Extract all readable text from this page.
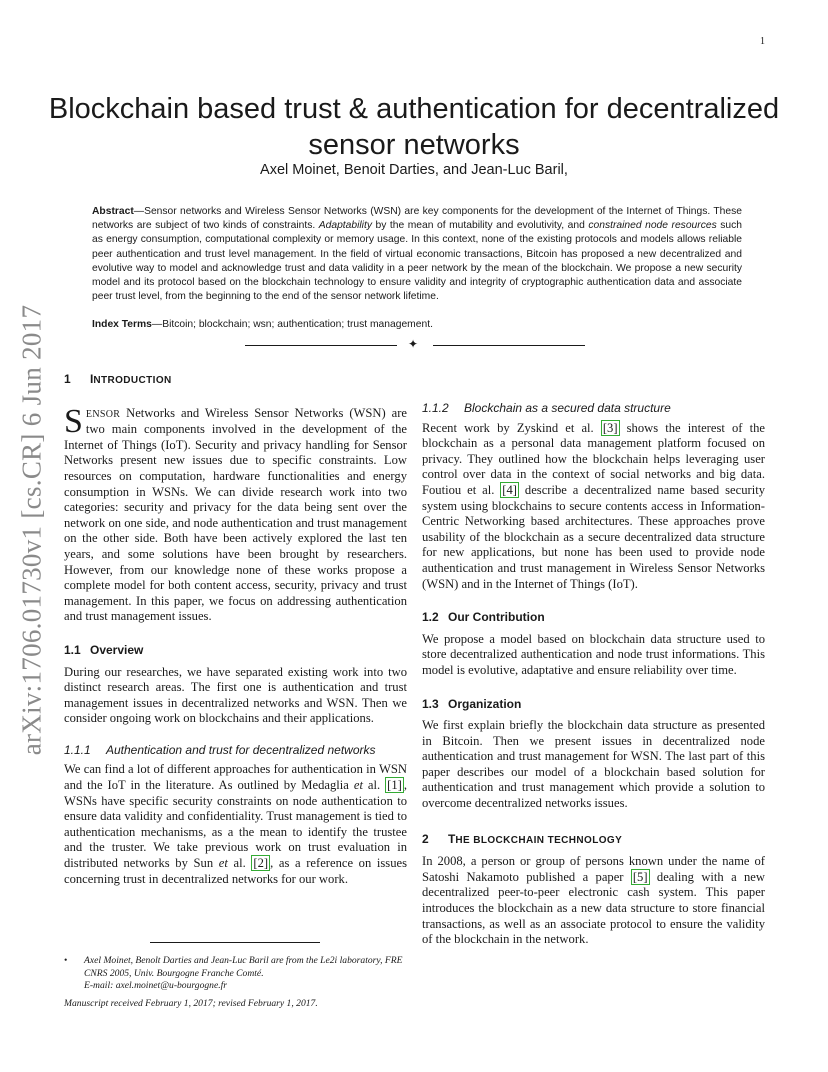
1
arXiv:1706.01730v1 [cs.CR] 6 Jun 2017
Blockchain based trust & authentication for decentralized sensor networks
Axel Moinet, Benoit Darties, and Jean-Luc Baril,
Abstract—Sensor networks and Wireless Sensor Networks (WSN) are key components for the development of the Internet of Things. These networks are subject of two kinds of constraints. Adaptability by the mean of mutability and evolutivity, and constrained node resources such as energy consumption, computational complexity or memory usage. In this context, none of the existing protocols and models allows reliable peer authentication and trust level management. In the field of virtual economic transactions, Bitcoin has proposed a new decentralized and evolutive way to model and acknowledge trust and data validity in a peer network by the mean of the blockchain. We propose a new security model and its protocol based on the blockchain technology to ensure validity and integrity of cryptographic authentication data and associate peer trust level, from the beginning to the end of the sensor network lifetime.
Index Terms—Bitcoin; blockchain; wsn; authentication; trust management.
✦
1 INTRODUCTION

SENSOR Networks and Wireless Sensor Networks (WSN) are two main components involved in the development of the Internet of Things (IoT). Security and privacy handling for Sensor Networks present new issues due to specific constraints. Low resources on computation, hardware functionalities and energy consumption in WSNs. We can divide research work into two categories: security and privacy for the data being sent over the network on one side, and node authentication and trust management on the other side. Both have been actively explored the last ten years, and some solutions have been brought by researchers. However, from our knowledge none of these works propose a complete model for both content access, security, privacy and trust management. In this paper, we focus on addressing authentication and trust management issues.

1.1 Overview

During our researches, we have separated existing work into two distinct research areas. The first one is authentication and trust management issues in decentralized networks and WSN. Then we consider ongoing work on blockchains and their applications.

1.1.1 Authentication and trust for decentralized networks

We can find a lot of different approaches for authentication in WSN and the IoT in the literature. As outlined by Medaglia et al. [1] , WSNs have specific security constraints on node authentication to ensure data validity and confidentiality. Trust management is tied to authentication mechanisms, as a the mean to identify the trustee and the truster. We take previous work on trust evaluation in distributed networks by Sun et al. [2] , as a reference on issues concerning trust in decentralized networks for our work.

1.1.2 Blockchain as a secured data structure

Recent work by Zyskind et al. [3] shows the interest of the blockchain as a personal data management platform focused on privacy. They outlined how the blockchain helps leveraging user control over data in the context of social networks and big data. Foutiou et al. [4] describe a decentralized name based security system using blockchains to secure contents access in Information-Centric Networking based architectures. These approaches prove usability of the blockchain as a secure decentralized data structure for new applications, but none has been used to provide node authentication and trust management in Wireless Sensor Networks (WSN) and in the Internet of Things (IoT).

1.2 Our Contribution

We propose a model based on blockchain data structure used to store decentralized authentication and node trust informations. This model is evolutive, adaptative and ensure reliability over time.

1.3 Organization

We first explain briefly the blockchain data structure as presented in Bitcoin. Then we present issues in decentralized node authentication and trust management for WSN. The last part of this paper describes our model of a blockchain based solution for authentication and trust management which provide a solution to overcome decentralized networks issues.

2 THE BLOCKCHAIN TECHNOLOGY

In 2008, a person or group of persons known under the name of Satoshi Nakamoto published a paper [5] dealing with a new decentralized peer-to-peer electronic cash system. This paper introduces the blockchain as a new data structure to store financial transactions, as well as an associate protocol to ensure the validity of the blockchain in the network.

• Axel Moinet, Benolt Darties and Jean-Luc Baril are from the Le2i laboratory, FRE CNRS 2005, Univ. Bourgogne Franche Comté.
E-mail: axel.moinet@u-bourgogne.fr
Manuscript received February 1, 2017; revised February 1, 2017.
